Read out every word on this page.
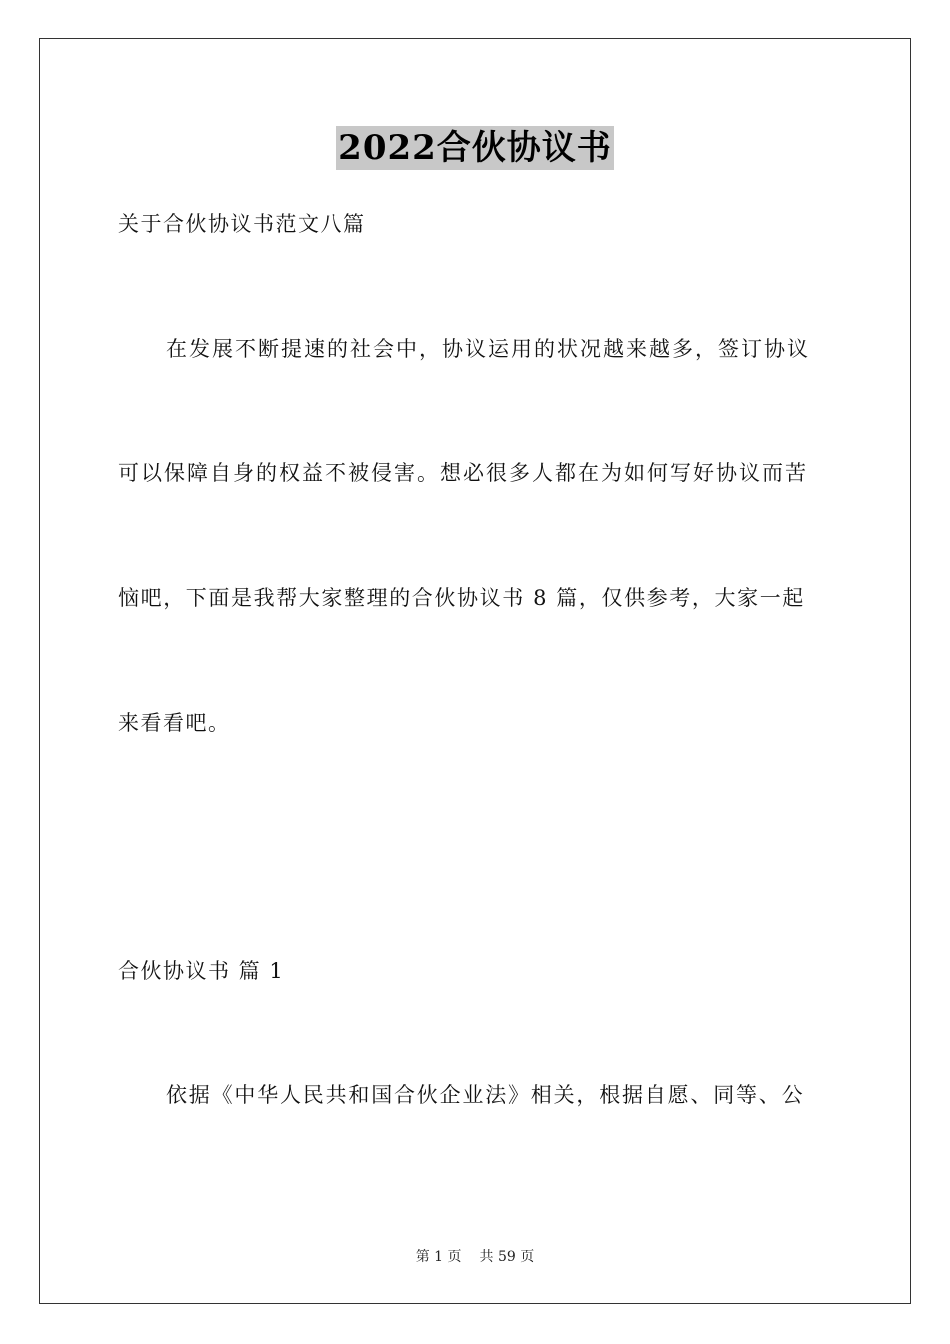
2022合伙协议书
关于合伙协议书范文八篇
在发展不断提速的社会中，协议运用的状况越来越多，签订协议
可以保障自身的权益不被侵害。想必很多人都在为如何写好协议而苦
恼吧，下面是我帮大家整理的合伙协议书 8 篇，仅供参考，大家一起
来看看吧。
合伙协议书 篇 1
依据《中华人民共和国合伙企业法》相关，根据自愿、同等、公
第 1 页 共 59 页
